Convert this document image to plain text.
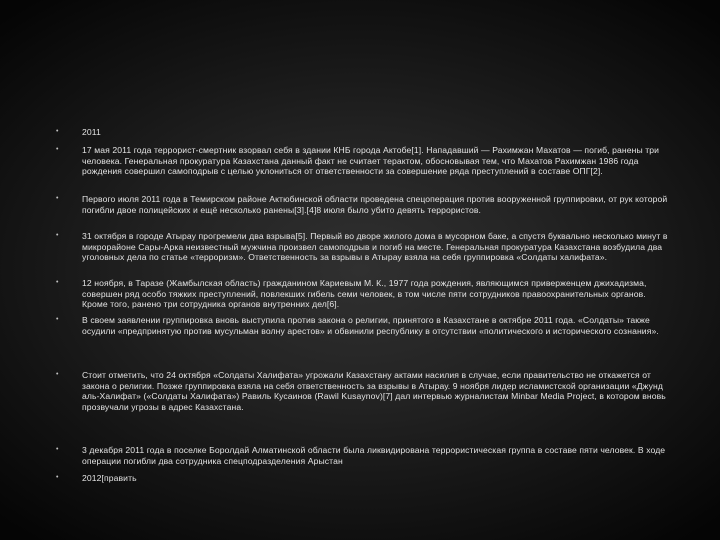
•	2011
•	17 мая 2011 года террорист-смертник взорвал себя в здании КНБ города Актобе[1]. Нападавший — Рахимжан Махатов — погиб, ранены три человека. Генеральная прокуратура Казахстана данный факт не считает терактом, обосновывая тем, что Махатов Рахимжан 1986 года рождения совершил самоподрыв с целью уклониться от ответственности за совершение ряда преступлений в составе ОПГ[2].
•	Первого июля 2011 года в Темирском районе Актюбинской области проведена спецоперация против вооруженной группировки, от рук которой погибли двое полицейских и ещё несколько ранены[3].[4]8 июля было убито девять террористов.
•	31 октября в городе Атырау прогремели два взрыва[5]. Первый во дворе жилого дома в мусорном баке, а спустя буквально несколько минут в микрорайоне Сары-Арка неизвестный мужчина произвел самоподрыв и погиб на месте. Генеральная прокуратура Казахстана возбудила два уголовных дела по статье «терроризм». Ответственность за взрывы в Атырау взяла на себя группировка «Солдаты халифата».
•	12 ноября, в Таразе (Жамбылская область) гражданином Кариевым М. К., 1977 года рождения, являющимся приверженцем джихадизма, совершен ряд особо тяжких преступлений, повлекших гибель семи человек, в том числе пяти сотрудников правоохранительных органов. Кроме того, ранено три сотрудника органов внутренних дел[6].
•	В своем заявлении группировка вновь выступила против закона о религии, принятого в Казахстане в октябре 2011 года. «Солдаты» также осудили «предпринятую против мусульман волну арестов» и обвинили республику в отсутствии «политического и исторического сознания».
•	Стоит отметить, что 24 октября «Солдаты Халифата» угрожали Казахстану актами насилия в случае, если правительство не откажется от закона о религии. Позже группировка взяла на себя ответственность за взрывы в Атырау. 9 ноября лидер исламистской организации «Джунд аль-Халифат» («Солдаты Халифата») Равиль Кусаинов (Rawil Kusaynov)[7] дал интервью журналистам Minbar Media Project, в котором вновь прозвучали угрозы в адрес Казахстана.
•	3 декабря 2011 года в поселке Боролдай Алматинской области была ликвидирована террористическая группа в составе пяти человек. В ходе операции погибли два сотрудника спецподразделения Арыстан
•	2012[править
